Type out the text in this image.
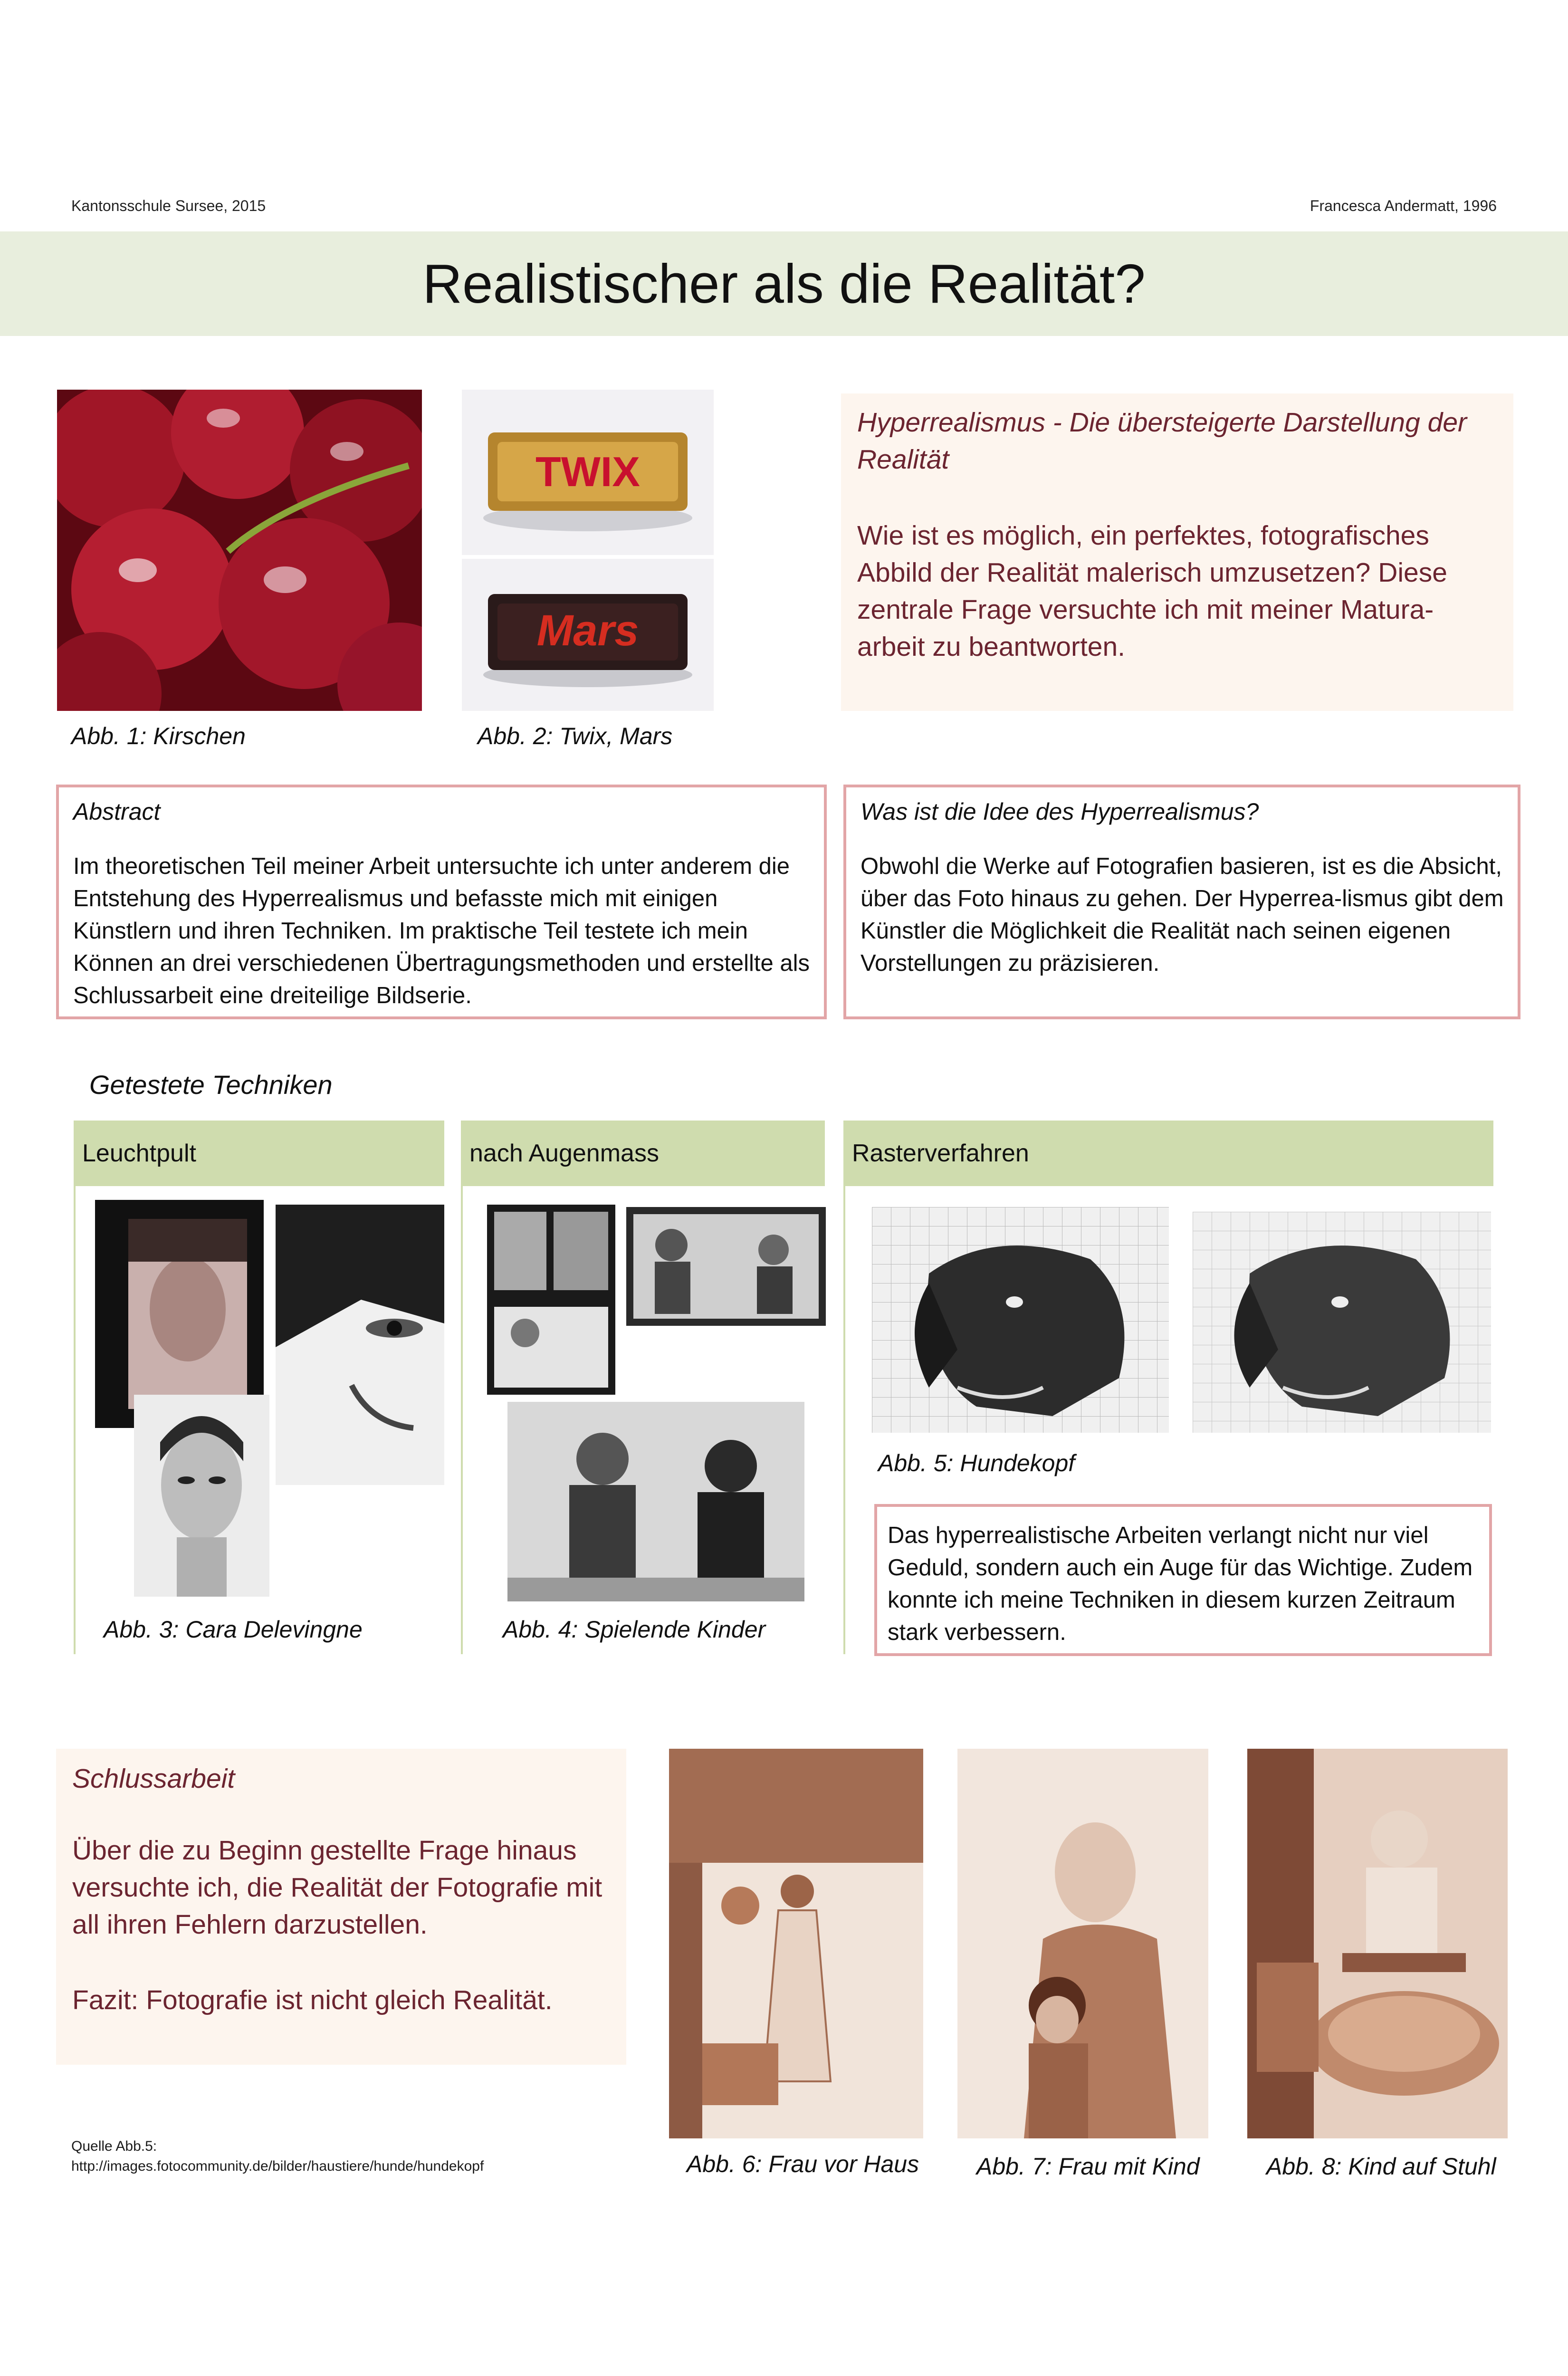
Kantonsschule Sursee, 2015	Francesca Andermatt, 1996
Realistischer als die Realität?
Abb. 1: Kirschen
TWIX
Mars
Abb. 2: Twix, Mars
Hyperrealismus - Die übersteigerte Darstellung der Realität
Wie ist es möglich, ein perfektes, fotografisches Abbild der Realität malerisch umzusetzen? Diese zentrale Frage versuchte ich mit meiner Matura-arbeit zu beantworten.
Abstract
Im theoretischen Teil meiner Arbeit untersuchte ich unter anderem die Entstehung des Hyperrealismus und befasste mich mit einigen Künstlern und ihren Techniken. Im praktische Teil testete ich mein Können an drei verschiedenen Übertragungsmethoden und erstellte als Schlussarbeit eine dreiteilige Bildserie.
Was ist die Idee des Hyperrealismus?
Obwohl die Werke auf Fotografien basieren, ist es die Absicht, über das Foto hinaus zu gehen. Der Hyperrea-lismus gibt dem Künstler die Möglichkeit die Realität nach seinen eigenen Vorstellungen zu präzisieren.
Getestete Techniken
Leuchtpult	nach Augenmass	Rasterverfahren
Abb. 3: Cara Delevingne	Abb. 4: Spielende Kinder
Abb. 5: Hundekopf
Das hyperrealistische Arbeiten verlangt nicht nur viel Geduld, sondern auch ein Auge für das Wichtige. Zudem konnte ich meine Techniken in diesem kurzen Zeitraum stark verbessern.
Schlussarbeit
Über die zu Beginn gestellte Frage hinaus versuchte ich, die Realität der Fotografie mit all ihren Fehlern darzustellen.
Fazit: Fotografie ist nicht gleich Realität.
Quelle Abb.5:
http://images.fotocommunity.de/bilder/haustiere/hunde/hundekopf	Abb. 6: Frau vor Haus Abb. 7: Frau mit Kind	Abb. 8: Kind auf Stuhl
